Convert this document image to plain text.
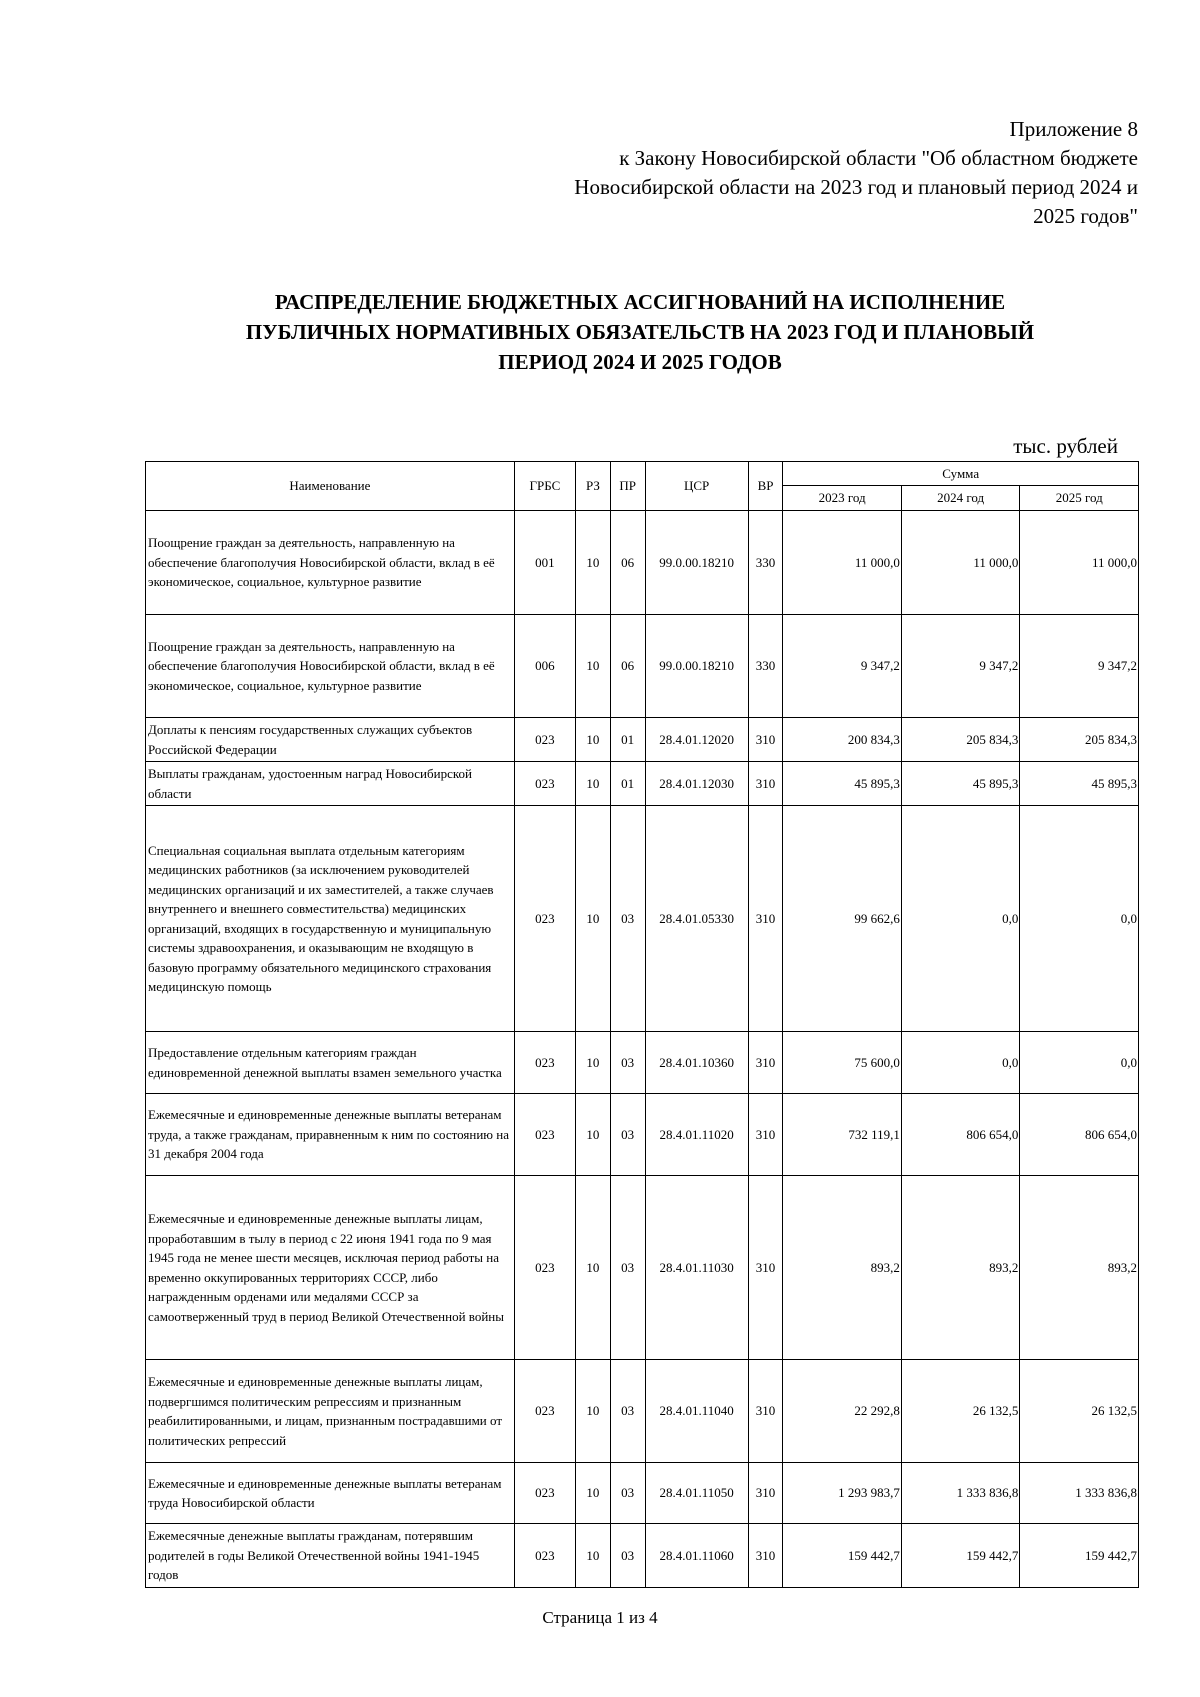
Приложение 8
к Закону Новосибирской области "Об областном бюджете
Новосибирской области на 2023 год и плановый период 2024 и
2025 годов"
РАСПРЕДЕЛЕНИЕ БЮДЖЕТНЫХ АССИГНОВАНИЙ НА ИСПОЛНЕНИЕ
ПУБЛИЧНЫХ НОРМАТИВНЫХ ОБЯЗАТЕЛЬСТВ НА 2023 ГОД И ПЛАНОВЫЙ
ПЕРИОД 2024 И 2025 ГОДОВ
тыс. рублей
Наименование	ГРБС	РЗ	ПР	ЦСР	ВР	Сумма		
						2023 год	2024 год	2025 год
Поощрение граждан за деятельность, направленную на обеспечение благополучия Новосибирской области, вклад в её экономическое, социальное, культурное развитие	001	10	06	99.0.00.18210	330	11 000,0	11 000,0	11 000,0
Поощрение граждан за деятельность, направленную на обеспечение благополучия Новосибирской области, вклад в её экономическое, социальное, культурное развитие	006	10	06	99.0.00.18210	330	9 347,2	9 347,2	9 347,2
Доплаты к пенсиям государственных служащих субъектов Российской Федерации	023	10	01	28.4.01.12020	310	200 834,3	205 834,3	205 834,3
Выплаты гражданам, удостоенным наград Новосибирской области	023	10	01	28.4.01.12030	310	45 895,3	45 895,3	45 895,3
Специальная социальная выплата отдельным категориям медицинских работников (за исключением руководителей медицинских организаций и их заместителей, а также случаев внутреннего и внешнего совместительства) медицинских организаций, входящих в государственную и муниципальную системы здравоохранения, и оказывающим не входящую в базовую программу обязательного медицинского страхования медицинскую помощь	023	10	03	28.4.01.05330	310	99 662,6	0,0	0,0
Предоставление отдельным категориям граждан единовременной денежной выплаты взамен земельного участка	023	10	03	28.4.01.10360	310	75 600,0	0,0	0,0
Ежемесячные и единовременные денежные выплаты ветеранам труда, а также гражданам, приравненным к ним по состоянию на 31 декабря 2004 года	023	10	03	28.4.01.11020	310	732 119,1	806 654,0	806 654,0
Ежемесячные и единовременные денежные выплаты лицам, проработавшим в тылу в период с 22 июня 1941 года по 9 мая 1945 года не менее шести месяцев, исключая период работы на временно оккупированных территориях СССР, либо награжденным орденами или медалями СССР за самоотверженный труд в период Великой Отечественной войны	023	10	03	28.4.01.11030	310	893,2	893,2	893,2
Ежемесячные и единовременные денежные выплаты лицам, подвергшимся политическим репрессиям и признанным реабилитированными, и лицам, признанным пострадавшими от политических репрессий	023	10	03	28.4.01.11040	310	22 292,8	26 132,5	26 132,5
Ежемесячные и единовременные денежные выплаты ветеранам труда Новосибирской области	023	10	03	28.4.01.11050	310	1 293 983,7	1 333 836,8	1 333 836,8
Ежемесячные денежные выплаты гражданам, потерявшим родителей в годы Великой Отечественной войны 1941-1945 годов	023	10	03	28.4.01.11060	310	159 442,7	159 442,7	159 442,7
Страница 1 из 4
